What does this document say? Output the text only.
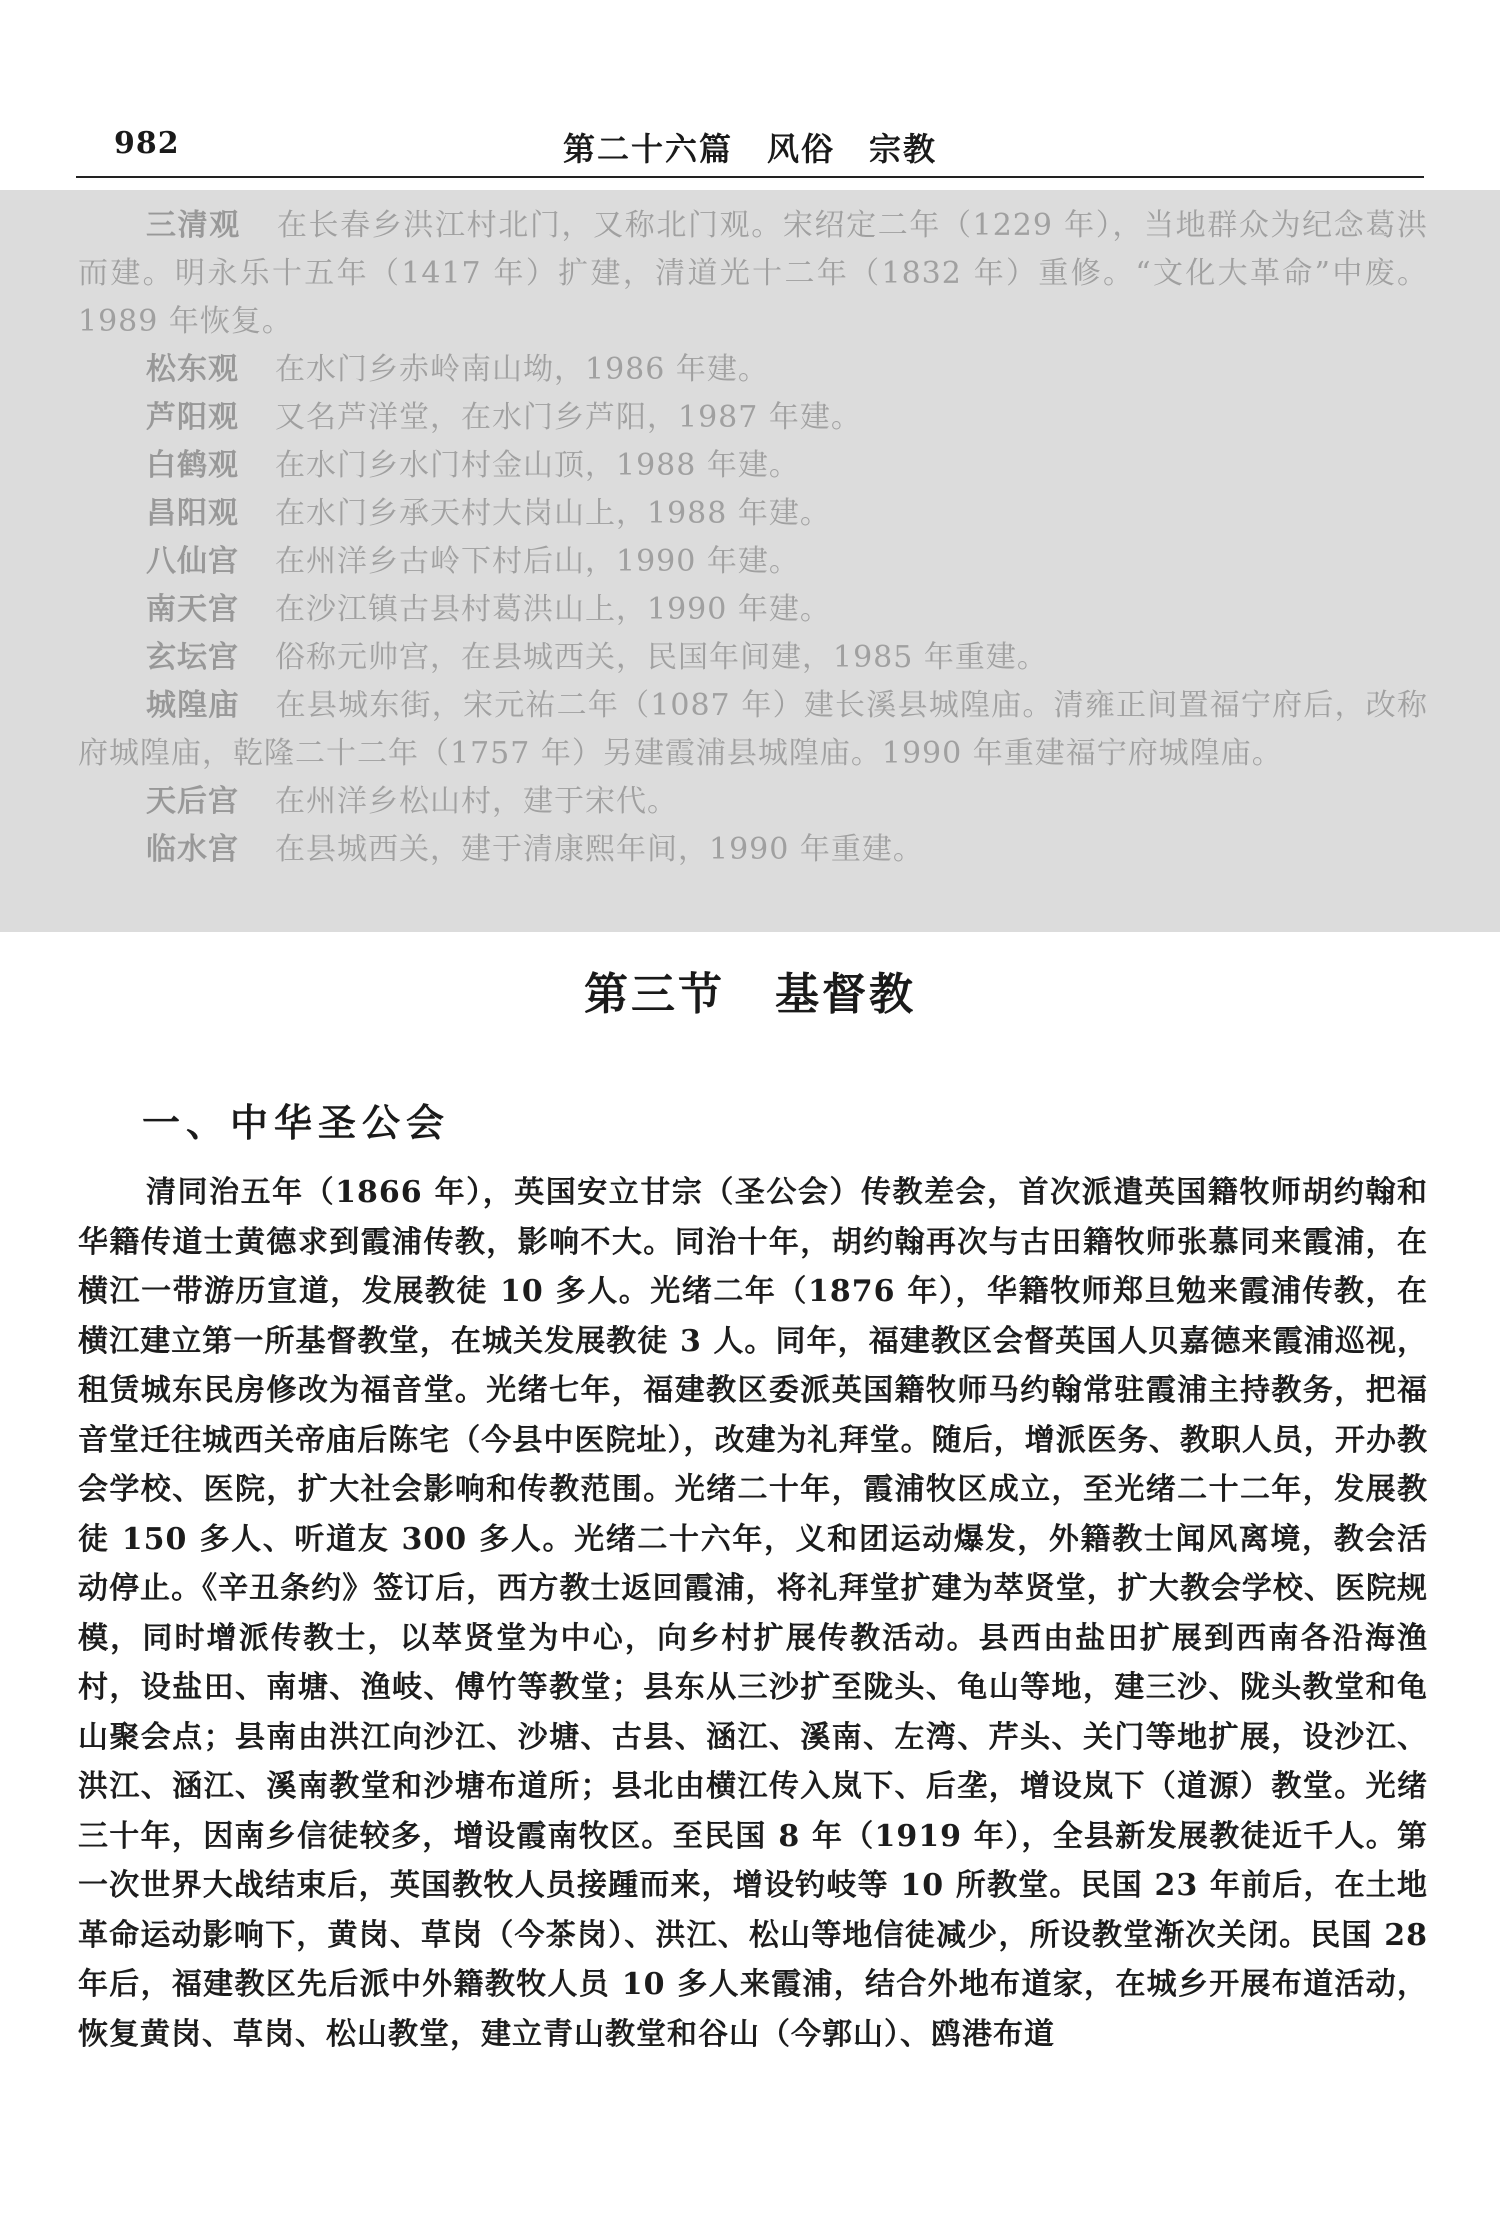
982	第二十六篇　风俗　宗教

三清观 在长春乡洪江村北门，又称北门观。宋绍定二年（1229 年），当地群众为纪念葛洪而建。明永乐十五年（1417 年）扩建，清道光十二年（1832 年）重修。“文化大革命”中废。1989 年恢复。

松东观 在水门乡赤岭南山坳，1986 年建。

芦阳观 又名芦洋堂，在水门乡芦阳，1987 年建。

白鹤观 在水门乡水门村金山顶，1988 年建。

昌阳观 在水门乡承天村大岗山上，1988 年建。

八仙宫 在州洋乡古岭下村后山，1990 年建。

南天宫 在沙江镇古县村葛洪山上，1990 年建。

玄坛宫 俗称元帅宫，在县城西关，民国年间建，1985 年重建。

城隍庙 在县城东街，宋元祐二年（1087 年）建长溪县城隍庙。清雍正间置福宁府后，改称府城隍庙，乾隆二十二年（1757 年）另建霞浦县城隍庙。1990 年重建福宁府城隍庙。

天后宫 在州洋乡松山村，建于宋代。

临水宫 在县城西关，建于清康熙年间，1990 年重建。

第三节 基督教
一、中华圣公会

清同治五年（1866 年），英国安立甘宗（圣公会）传教差会，首次派遣英国籍牧师胡约翰和华籍传道士黄德求到霞浦传教，影响不大。同治十年，胡约翰再次与古田籍牧师张慕同来霞浦，在横江一带游历宣道，发展教徒 10 多人。光绪二年（1876 年），华籍牧师郑旦勉来霞浦传教，在横江建立第一所基督教堂，在城关发展教徒 3 人。同年，福建教区会督英国人贝嘉德来霞浦巡视，租赁城东民房修改为福音堂。光绪七年，福建教区委派英国籍牧师马约翰常驻霞浦主持教务，把福音堂迁往城西关帝庙后陈宅（今县中医院址），改建为礼拜堂。随后，增派医务、教职人员，开办教会学校、医院，扩大社会影响和传教范围。光绪二十年，霞浦牧区成立，至光绪二十二年，发展教徒 150 多人、听道友 300 多人。光绪二十六年，义和团运动爆发，外籍教士闻风离境，教会活动停止。《辛丑条约》签订后，西方教士返回霞浦，将礼拜堂扩建为萃贤堂，扩大教会学校、医院规模，同时增派传教士，以萃贤堂为中心，向乡村扩展传教活动。县西由盐田扩展到西南各沿海渔村，设盐田、南塘、渔岐、傅竹等教堂；县东从三沙扩至陇头、龟山等地，建三沙、陇头教堂和龟山聚会点；县南由洪江向沙江、沙塘、古县、涵江、溪南、左湾、芹头、关门等地扩展，设沙江、洪江、涵江、溪南教堂和沙塘布道所；县北由横江传入岚下、后垄，增设岚下（道源）教堂。光绪三十年，因南乡信徒较多，增设霞南牧区。至民国 8 年（1919 年），全县新发展教徒近千人。第一次世界大战结束后，英国教牧人员接踵而来，增设钓岐等 10 所教堂。民国 23 年前后，在土地革命运动影响下，黄岗、草岗（今茶岗）、洪江、松山等地信徒减少，所设教堂渐次关闭。民国 28 年后，福建教区先后派中外籍教牧人员 10 多人来霞浦，结合外地布道家，在城乡开展布道活动，恢复黄岗、草岗、松山教堂，建立青山教堂和谷山（今郭山）、鸥港布道
